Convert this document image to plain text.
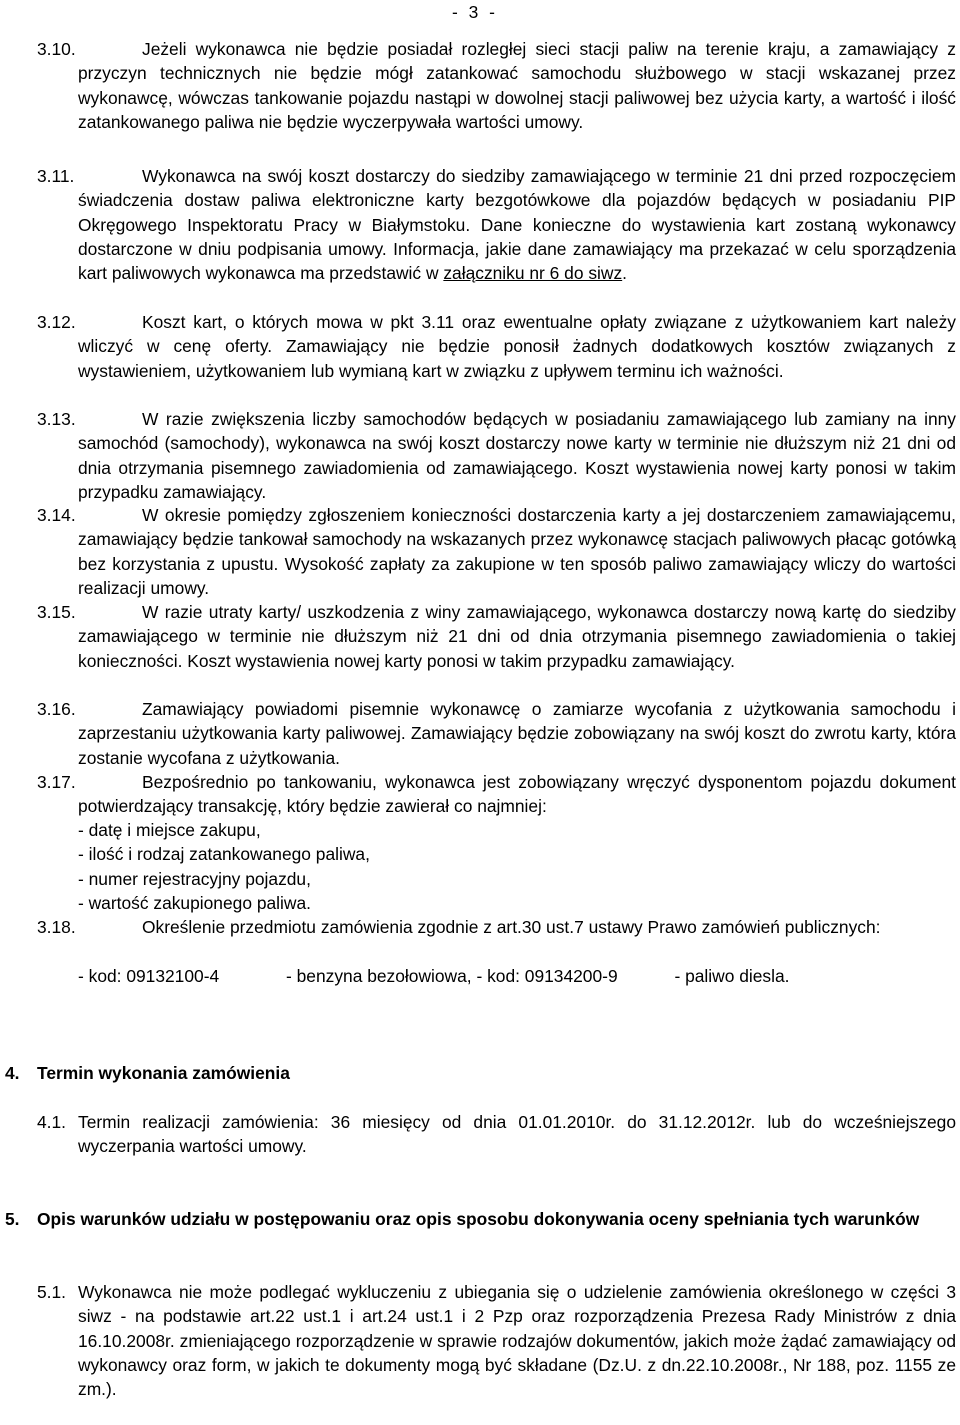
- 3 -
3.10.	Jeżeli wykonawca nie będzie posiadał rozległej sieci stacji paliw na terenie kraju, a zamawiający z przyczyn technicznych nie będzie mógł zatankować samochodu służbowego w stacji wskazanej przez wykonawcę, wówczas tankowanie pojazdu nastąpi w dowolnej stacji paliwowej bez użycia karty, a wartość i ilość zatankowanego paliwa nie będzie wyczerpywała wartości umowy.
3.11.	Wykonawca na swój koszt dostarczy do siedziby zamawiającego w terminie 21 dni przed rozpoczęciem świadczenia dostaw paliwa elektroniczne karty bezgotówkowe dla pojazdów będących w posiadaniu PIP Okręgowego Inspektoratu Pracy w Białymstoku. Dane konieczne do wystawienia kart zostaną wykonawcy dostarczone w dniu podpisania umowy. Informacja, jakie dane zamawiający ma przekazać w celu sporządzenia kart paliwowych wykonawca ma przedstawić w załączniku nr 6 do siwz.
3.12.	Koszt kart, o których mowa w pkt 3.11 oraz ewentualne opłaty związane z użytkowaniem kart należy wliczyć w cenę oferty. Zamawiający nie będzie ponosił żadnych dodatkowych kosztów związanych z wystawieniem, użytkowaniem lub wymianą kart w związku z upływem terminu ich ważności.
3.13.	W razie zwiększenia liczby samochodów będących w posiadaniu zamawiającego lub zamiany na inny samochód (samochody), wykonawca na swój koszt dostarczy nowe karty w terminie nie dłuższym niż 21 dni od dnia otrzymania pisemnego zawiadomienia od zamawiającego. Koszt wystawienia nowej karty ponosi w takim przypadku zamawiający.
3.14.	W okresie pomiędzy zgłoszeniem konieczności dostarczenia karty a jej dostarczeniem zamawiającemu, zamawiający będzie tankował samochody na wskazanych przez wykonawcę stacjach paliwowych płacąc gotówką bez korzystania z upustu. Wysokość zapłaty za zakupione w ten sposób paliwo zamawiający wliczy do wartości realizacji umowy.
3.15.	W razie utraty karty/ uszkodzenia z winy zamawiającego, wykonawca dostarczy nową kartę do siedziby zamawiającego w terminie nie dłuższym niż 21 dni od dnia otrzymania pisemnego zawiadomienia o takiej konieczności. Koszt wystawienia nowej karty ponosi w takim przypadku zamawiający.
3.16.	Zamawiający powiadomi pisemnie wykonawcę o zamiarze wycofania z użytkowania samochodu i zaprzestaniu użytkowania karty paliwowej. Zamawiający będzie zobowiązany na swój koszt do zwrotu karty, która zostanie wycofana z użytkowania.
3.17.	Bezpośrednio po tankowaniu, wykonawca jest zobowiązany wręczyć dysponentom pojazdu dokument potwierdzający transakcję, który będzie zawierał co najmniej:
- datę i miejsce zakupu,
- ilość i rodzaj zatankowanego paliwa,
- numer rejestracyjny pojazdu,
- wartość zakupionego paliwa.
3.18.	Określenie przedmiotu zamówienia zgodnie z art.30 ust.7 ustawy Prawo zamówień publicznych:
- kod: 09132100-4	- benzyna bezołowiowa, - kod: 09134200-9	- paliwo diesla.
4. Termin wykonania zamówienia
4.1. Termin realizacji zamówienia: 36 miesięcy od dnia 01.01.2010r. do 31.12.2012r. lub do wcześniejszego wyczerpania wartości umowy.
5. Opis warunków udziału w postępowaniu oraz opis sposobu dokonywania oceny spełniania tych warunków
5.1. Wykonawca nie może podlegać wykluczeniu z ubiegania się o udzielenie zamówienia określonego w części 3 siwz - na podstawie art.22 ust.1 i art.24 ust.1 i 2 Pzp oraz rozporządzenia Prezesa Rady Ministrów z dnia 16.10.2008r. zmieniającego rozporządzenie w sprawie rodzajów dokumentów, jakich może żądać zamawiający od wykonawcy oraz form, w jakich te dokumenty mogą być składane (Dz.U. z dn.22.10.2008r., Nr 188, poz. 1155 ze zm.).
